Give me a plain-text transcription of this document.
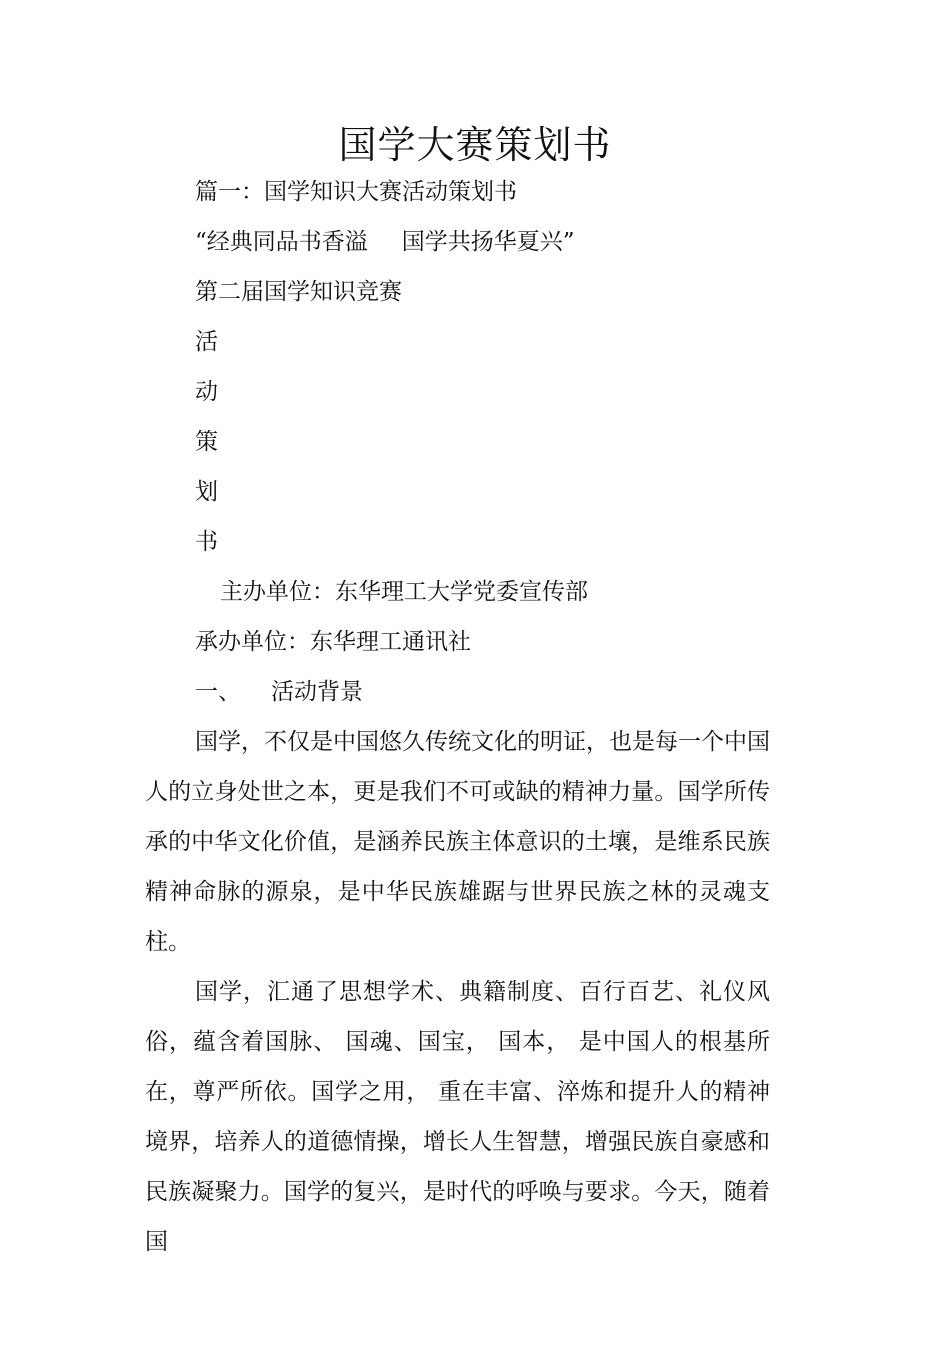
国学大赛策划书
篇一：国学知识大赛活动策划书
“经典同品书香溢 国学共扬华夏兴”
第二届国学知识竞赛
活
动
策
划
书
主办单位：东华理工大学党委宣传部
承办单位：东华理工通讯社
一、 活动背景
国学，不仅是中国悠久传统文化的明证，也是每一个中国人的立身处世之本，更是我们不可或缺的精神力量。国学所传承的中华文化价值，是涵养民族主体意识的土壤，是维系民族精神命脉的源泉，是中华民族雄踞与世界民族之林的灵魂支柱。
国学，汇通了思想学术、典籍制度、百行百艺、礼仪风俗，蕴含着国脉、 国魂、国宝， 国本， 是中国人的根基所在，尊严所依。国学之用， 重在丰富、淬炼和提升人的精神境界，培养人的道德情操，增长人生智慧，增强民族自豪感和民族凝聚力。国学的复兴，是时代的呼唤与要求。今天，随着国
